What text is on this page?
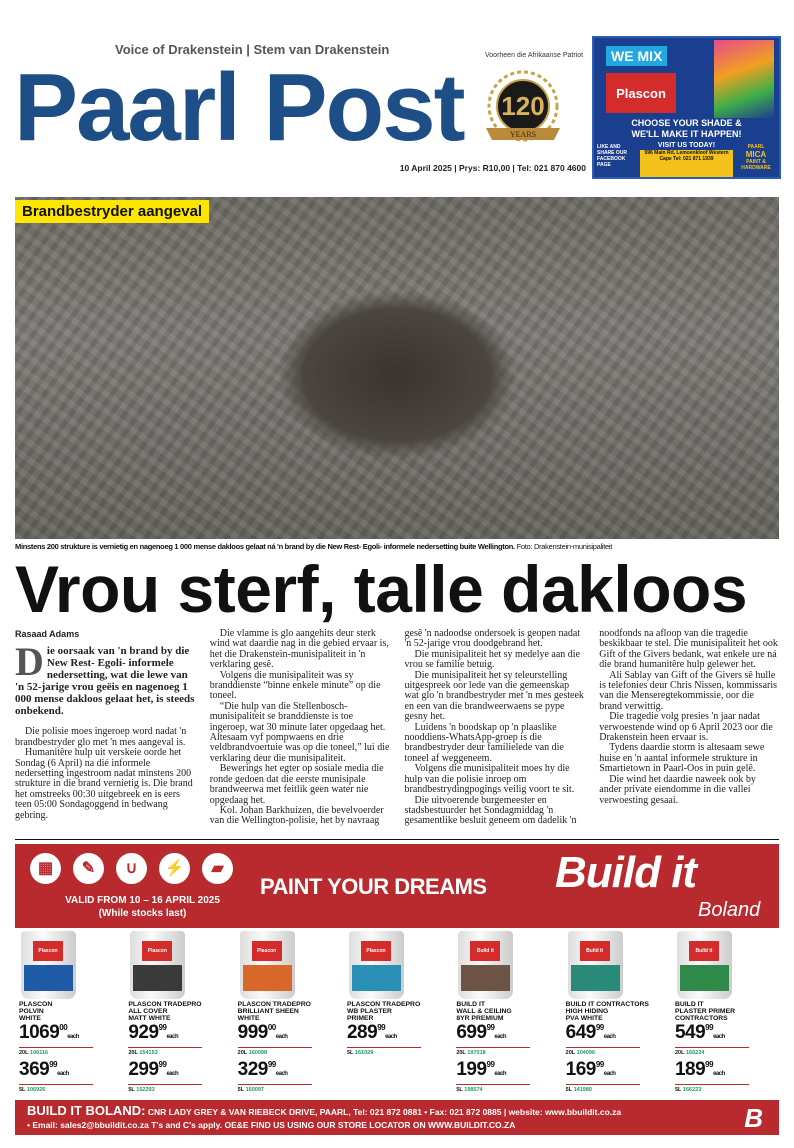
Voice of Drakenstein | Stem van Drakenstein
Paarl Post	Voorheen die Afrikaanse Patriot
120
YEARS
10 April 2025 | Prys: R10,00 | Tel: 021 870 4600
WE MIX
Plascon
CHOOSE YOUR SHADE &
WE'LL MAKE IT HAPPEN!
LIKE AND SHARE OUR FACEBOOK PAGE
VISIT US TODAY!
596 Main Rd, Lemoenkloof Western Cape Tel: 021 871 1939
PAARL
MICA
PAINT & HARDWARE
Brandbestryder aangeval
Minstens 200 strukture is vernietig en nagenoeg 1 000 mense dakloos gelaat ná 'n brand by die New Rest- Egoli- informele nedersetting buite Wellington. Foto: Drakenstein-munisipaliteit
Vrou sterf, talle dakloos
Rasaad Adams

Die oorsaak van 'n brand by die New Rest- Egoli- informele nedersetting, wat die lewe van 'n 52-jarige vrou geëis en nagenoeg 1 000 mense dakloos gelaat het, is steeds onbekend.

Die polisie moes ingeroep word nadat 'n brandbestryder glo met 'n mes aangeval is.

Humanitêre hulp uit verskeie oorde het Sondag (6 April) na dié informele nedersetting ingestroom nadat minstens 200 strukture in die brand vernietig is. Die brand het omstreeks 00:30 uitgebreek en is eers teen 05:00 Sondagoggend in bedwang gebring.

Die vlamme is glo aangehits deur sterk wind wat daardie nag in die gebied ervaar is, het die Drakenstein-munisipaliteit in 'n verklaring gesê.

Volgens die munisipaliteit was sy branddienste “binne enkele minute” op die toneel.

“Die hulp van die Stellenbosch-munisipaliteit se branddienste is toe ingeroep, wat 30 minute later opgedaag het. Altesaam vyf pompwaens en drie veldbrandvoertuie was op die toneel,” lui die verklaring deur die munisipaliteit.

Bewerings het egter op sosiale media die ronde gedoen dat die eerste munisipale brandweerwa met feitlik geen water nie opgedaag het.

Kol. Johan Barkhuizen, die bevelvoerder van die Wellington-polisie, het by navraag gesê 'n nadoodse ondersoek is geopen nadat 'n 52-jarige vrou doodgebrand het.

Die munisipaliteit het sy medelye aan die vrou se familie betuig.

Die munisipaliteit het sy teleurstelling uitgespreek oor lede van die gemeenskap wat glo 'n brandbestryder met 'n mes gesteek en een van die brandweerwaens se pype gesny het.

Luidens 'n boodskap op 'n plaaslike nooddiens-WhatsApp-groep is die brandbestryder deur familielede van die toneel af weggeneem.

Volgens die munisipaliteit moes hy die hulp van die polisie inroep om brandbestrydingpogings veilig voort te sit.

Die uitvoerende burgemeester en stadsbestuurder het Sondagmiddag 'n gesamentlike besluit geneem om dadelik 'n noodfonds na afloop van die tragedie beskikbaar te stel. Die munisipaliteit het ook Gift of the Givers bedank, wat enkele ure ná die brand humanitêre hulp gelewer het.

Ali Sablay van Gift of the Givers sê hulle is telefonies deur Chris Nissen, kommissaris van die Menseregtekommissie, oor die brand verwittig.

Die tragedie volg presies 'n jaar nadat verwoestende wind op 6 April 2023 oor die Drakenstein heen ervaar is.

Tydens daardie storm is altesaam sewe huise en 'n aantal informele strukture in Smartietown in Paarl-Oos in puin gelê.

Die wind het daardie naweek ook by ander private eiendomme in die vallei verwoesting gesaai.

▦	✎	∪	⚡	▰
VALID FROM 10 – 16 APRIL 2025
(While stocks last)
PAINT YOUR DREAMS Build it
Boland
Plascon
PLASCON
POLVIN
WHITE
1069$^{00}$each
20L 106116
$369^{99}each$
5L 106926
Plascon
PLASCON TRADEPRO
ALL COVER
MATT WHITE
$929^{99}each$
20L 154153
$299^{99}each$
5L 152293
Plascon
PLASCON TRADEPRO
BRILLIANT SHEEN
WHITE
$999^{00}each$
20L 160098
$329^{99}each$
5L 160097
Plascon
PLASCON TRADEPRO
WB PLASTER
PRIMER
$289^{99}each$
5L 161029
Build it
BUILD IT
WALL & CEILING
8YR PREMIUM
$699^{99}each$
20L 197018
$199^{99}each$
5L 198574
Build it
BUILD IT CONTRACTORS
HIGH HIDING
PVA WHITE
$649^{99}each$
20L 104096
$169^{99}each$
5L 141980
Build it
BUILD IT
PLASTER PRIMER
CONTRACTORS
$549^{99}each$
20L 166224
$189^{99}each$
5L 166223
BUILD IT BOLAND: CNR LADY GREY & VAN RIEBECK DRIVE, PAARL, Tel: 021 872 0881 • Fax: 021 872 0885 | website: www.bbuildit.co.za
• Email: sales2@bbuildit.co.za T's and C's apply. OE&E FIND US USING OUR STORE LOCATOR ON WWW.BUILDIT.CO.ZA	B
